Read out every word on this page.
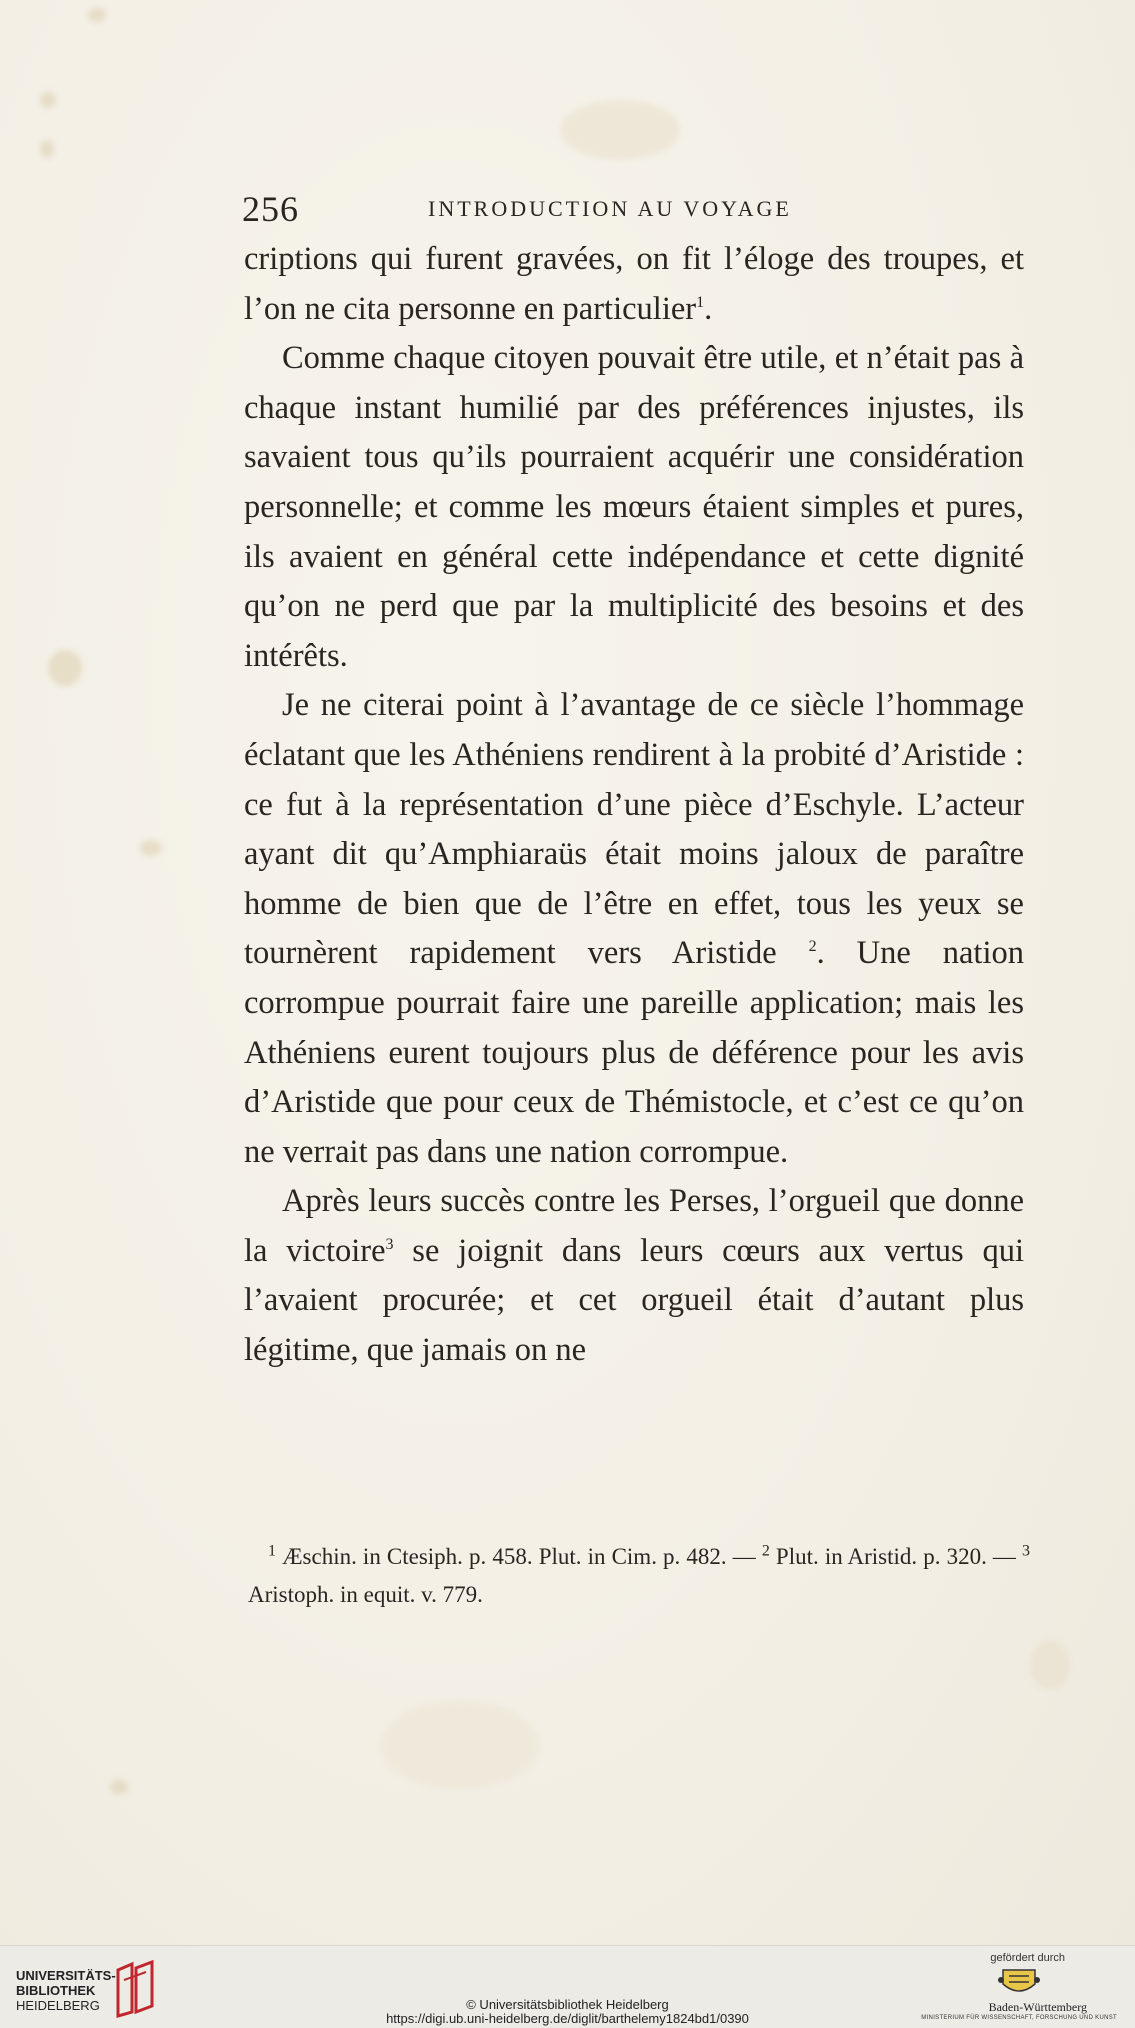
256	INTRODUCTION AU VOYAGE

criptions qui furent gravées, on fit l’éloge des troupes, et l’on ne cita personne en particulier$^1$.

Comme chaque citoyen pouvait être utile, et n’était pas à chaque instant humilié par des préférences injustes, ils savaient tous qu’ils pourraient acquérir une considération personnelle; et comme les mœurs étaient simples et pures, ils avaient en général cette indépendance et cette dignité qu’on ne perd que par la multiplicité des besoins et des intérêts.

Je ne citerai point à l’avantage de ce siècle l’hommage éclatant que les Athéniens rendirent à la probité d’Aristide : ce fut à la représentation d’une pièce d’Eschyle. L’acteur ayant dit qu’Amphiaraüs était moins jaloux de paraître homme de bien que de l’être en effet, tous les yeux se tournèrent rapidement vers Aristide $^2$. Une nation corrompue pourrait faire une pareille application; mais les Athéniens eurent toujours plus de déférence pour les avis d’Aristide que pour ceux de Thémistocle, et c’est ce qu’on ne verrait pas dans une nation corrompue.

Après leurs succès contre les Perses, l’orgueil que donne la victoire$^3$ se joignit dans leurs cœurs aux vertus qui l’avaient procurée; et cet orgueil était d’autant plus légitime, que jamais on ne

$^1$ Æschin. in Ctesiph. p. 458. Plut. in Cim. p. 482. — $^2$ Plut. in Aristid. p. 320. — $^3$ Aristoph. in equit. v. 779.

UNIVERSITÄTS-
BIBLIOTHEK
HEIDELBERG	© Universitätsbibliothek Heidelberg
https://digi.ub.uni-heidelberg.de/diglit/barthelemy1824bd1/0390
gefördert durch
Baden-Württemberg
MINISTERIUM FÜR WISSENSCHAFT, FORSCHUNG UND KUNST
